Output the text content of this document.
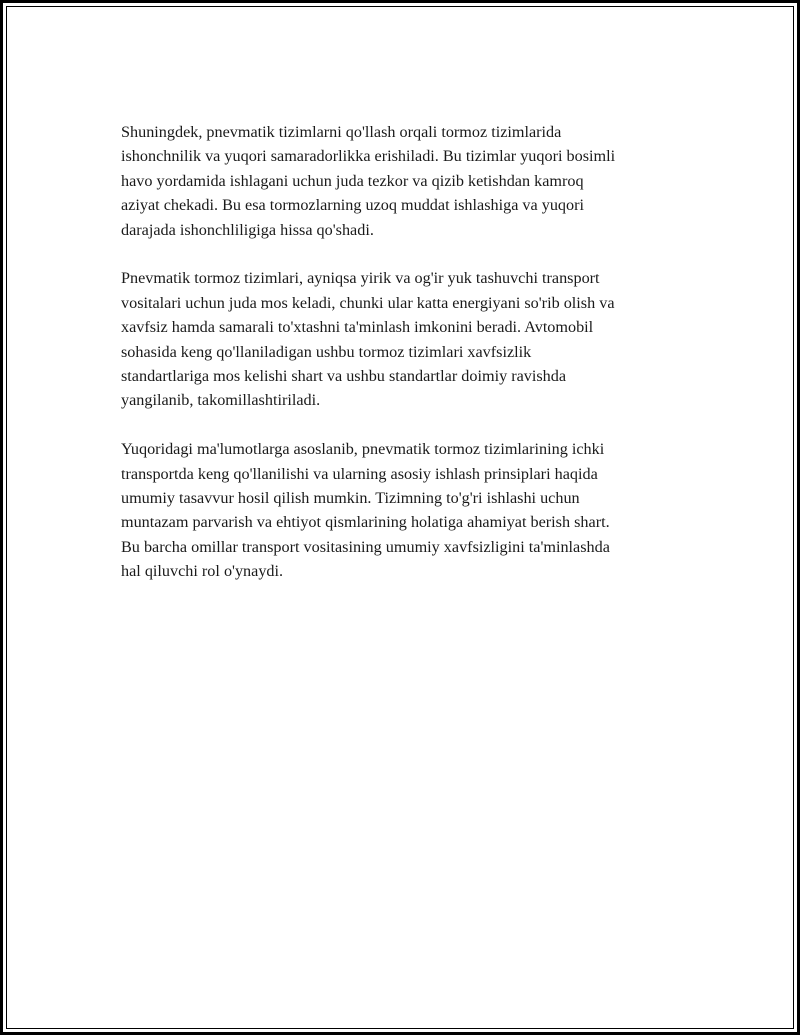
Shuningdek, pnevmatik tizimlarni qo'llash orqali tormoz tizimlarida
ishonchnilik va yuqori samaradorlikka erishiladi. Bu tizimlar yuqori bosimli
havo yordamida ishlagani uchun juda tezkor va qizib ketishdan kamroq
aziyat chekadi. Bu esa tormozlarning uzoq muddat ishlashiga va yuqori
darajada ishonchliligiga hissa qo'shadi.

Pnevmatik tormoz tizimlari, ayniqsa yirik va og'ir yuk tashuvchi transport
vositalari uchun juda mos keladi, chunki ular katta energiyani so'rib olish va
xavfsiz hamda samarali to'xtashni ta'minlash imkonini beradi. Avtomobil
sohasida keng qo'llaniladigan ushbu tormoz tizimlari xavfsizlik
standartlariga mos kelishi shart va ushbu standartlar doimiy ravishda
yangilanib, takomillashtiriladi.

Yuqoridagi ma'lumotlarga asoslanib, pnevmatik tormoz tizimlarining ichki
transportda keng qo'llanilishi va ularning asosiy ishlash prinsiplari haqida
umumiy tasavvur hosil qilish mumkin. Tizimning to'g'ri ishlashi uchun
muntazam parvarish va ehtiyot qismlarining holatiga ahamiyat berish shart.
Bu barcha omillar transport vositasining umumiy xavfsizligini ta'minlashda
hal qiluvchi rol o'ynaydi.
